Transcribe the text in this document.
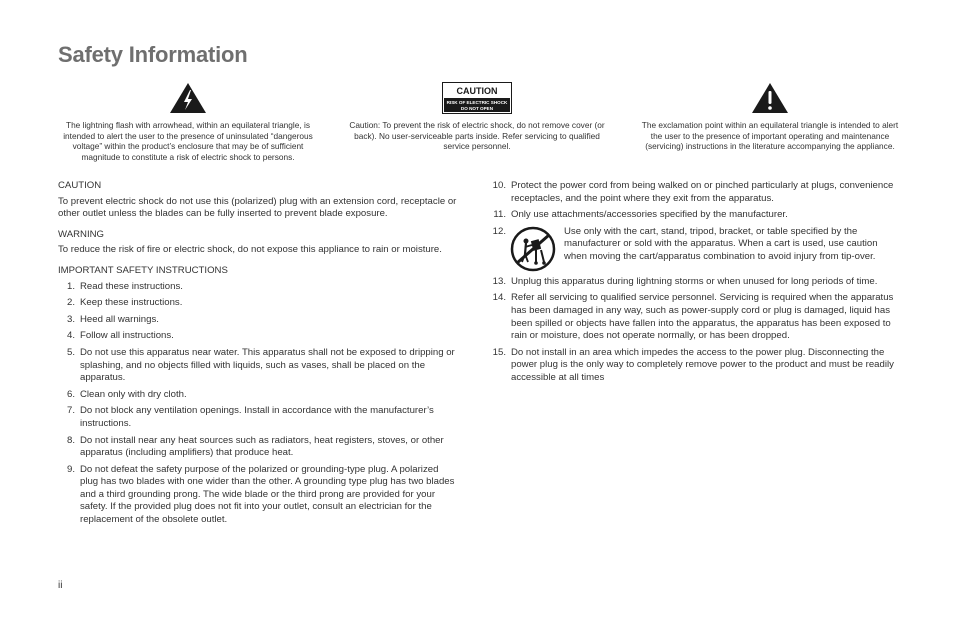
Safety Information
The lightning flash with arrowhead, within an equilateral triangle, is intended to alert the user to the presence of uninsulated “dangerous voltage” within the product’s enclosure that may be of sufficient magnitude to constitute a risk of electric shock to persons.
CAUTION
RISK OF ELECTRIC SHOCK
DO NOT OPEN
Caution: To prevent the risk of electric shock, do not remove cover (or back). No user-serviceable parts inside. Refer servicing to qualified service personnel.
The exclamation point within an equilateral triangle is intended to alert the user to the presence of important operating and maintenance (servicing) instructions in the literature accompanying the appliance.
CAUTION
To prevent electric shock do not use this (polarized) plug with an extension cord, receptacle or other outlet unless the blades can be fully inserted to prevent blade exposure.
WARNING
To reduce the risk of fire or electric shock, do not expose this appliance to rain or moisture.
IMPORTANT SAFETY INSTRUCTIONS
1. Read these instructions.
2. Keep these instructions.
3. Heed all warnings.
4. Follow all instructions.
5. Do not use this apparatus near water. This apparatus shall not be exposed to dripping or splashing, and no objects filled with liquids, such as vases, shall be placed on the apparatus.
6. Clean only with dry cloth.
7. Do not block any ventilation openings. Install in accordance with the manufacturer’s instructions.
8. Do not install near any heat sources such as radiators, heat registers, stoves, or other apparatus (including amplifiers) that produce heat.
9. Do not defeat the safety purpose of the polarized or grounding-type plug. A polarized plug has two blades with one wider than the other. A grounding type plug has two blades and a third grounding prong. The wide blade or the third prong are provided for your safety. If the provided plug does not fit into your outlet, consult an electrician for the replacement of the obsolete outlet.
10. Protect the power cord from being walked on or pinched particularly at plugs, convenience receptacles, and the point where they exit from the apparatus.
11. Only use attachments/accessories specified by the manufacturer.
12.	Use only with the cart, stand, tripod, bracket, or table specified by the manufacturer or sold with the apparatus. When a cart is used, use caution when moving the cart/apparatus combination to avoid injury from tip-over.
13. Unplug this apparatus during lightning storms or when unused for long periods of time.
14. Refer all servicing to qualified service personnel. Servicing is required when the apparatus has been damaged in any way, such as power-supply cord or plug is damaged, liquid has been spilled or objects have fallen into the apparatus, the apparatus has been exposed to rain or moisture, does not operate normally, or has been dropped.
15. Do not install in an area which impedes the access to the power plug. Disconnecting the power plug is the only way to completely remove power to the product and must be readily accessible at all times
ii
